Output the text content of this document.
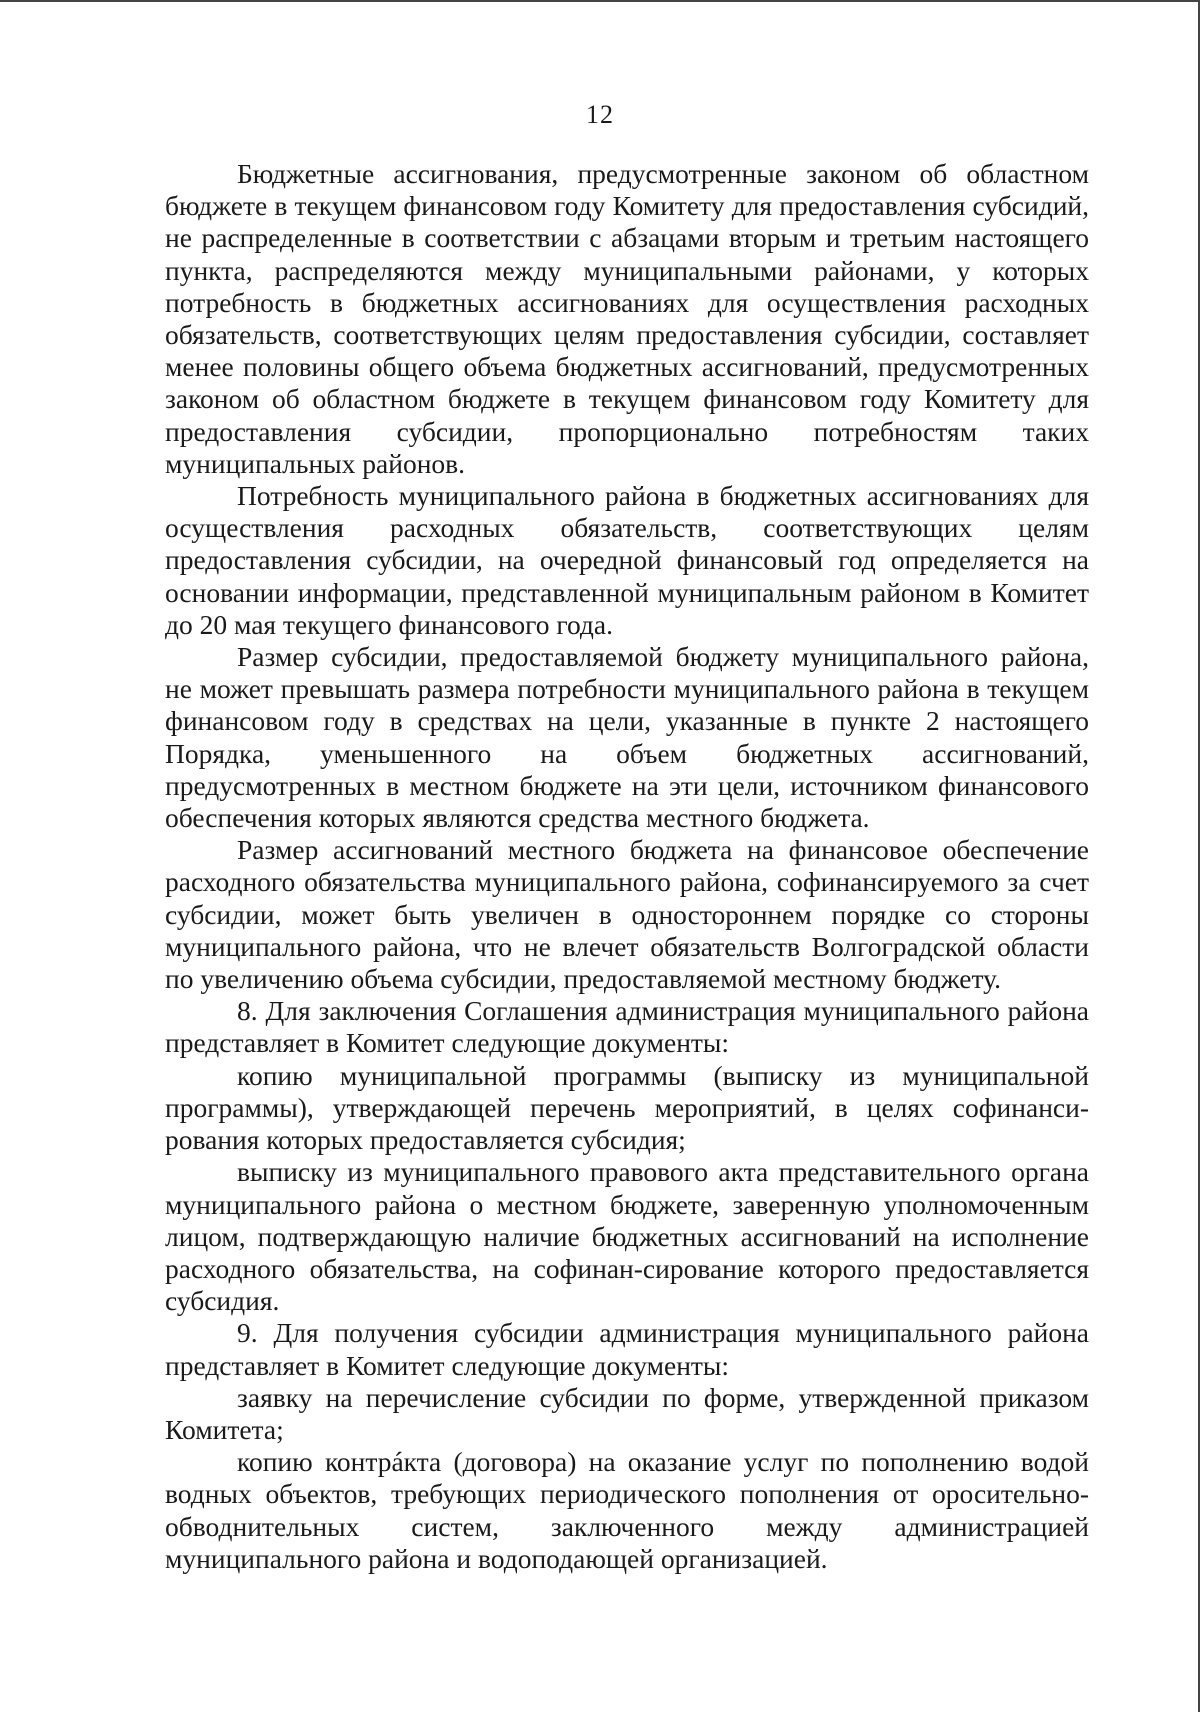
12

Бюджетные ассигнования, предусмотренные законом об областном бюджете в текущем финансовом году Комитету для предоставления субсидий, не распределенные в соответствии с абзацами вторым и третьим настоящего пункта, распределяются между муниципальными районами, у которых потребность в бюджетных ассигнованиях для осуществления расходных обязательств, соответствующих целям предоставления субсидии, составляет менее половины общего объема бюджетных ассигнований, предусмотренных законом об областном бюджете в текущем финансовом году Комитету для предоставления субсидии, пропорционально потребностям таких муниципальных районов.

Потребность муниципального района в бюджетных ассигнованиях для осуществления расходных обязательств, соответствующих целям предоставления субсидии, на очередной финансовый год определяется на основании информации, представленной муниципальным районом в Комитет до 20 мая текущего финансового года.

Размер субсидии, предоставляемой бюджету муниципального района, не может превышать размера потребности муниципального района в текущем финансовом году в средствах на цели, указанные в пункте 2 настоящего Порядка, уменьшенного на объем бюджетных ассигнований, предусмотренных в местном бюджете на эти цели, источником финансового обеспечения которых являются средства местного бюджета.

Размер ассигнований местного бюджета на финансовое обеспечение расходного обязательства муниципального района, софинансируемого за счет субсидии, может быть увеличен в одностороннем порядке со стороны муниципального района, что не влечет обязательств Волгоградской области по увеличению объема субсидии, предоставляемой местному бюджету.

8. Для заключения Соглашения администрация муниципального района представляет в Комитет следующие документы:

копию муниципальной программы (выписку из муниципальной программы), утверждающей перечень мероприятий, в целях софинанси-рования которых предоставляется субсидия;

выписку из муниципального правового акта представительного органа муниципального района о местном бюджете, заверенную уполномоченным лицом, подтверждающую наличие бюджетных ассигнований на исполнение расходного обязательства, на софинан-сирование которого предоставляется субсидия.

9. Для получения субсидии администрация муниципального района представляет в Комитет следующие документы:

заявку на перечисление субсидии по форме, утвержденной приказом Комитета;

копию контрáкта (договора) на оказание услуг по пополнению водой водных объектов, требующих периодического пополнения от оросительно-обводнительных систем, заключенного между администрацией муниципального района и водоподающей организацией.
